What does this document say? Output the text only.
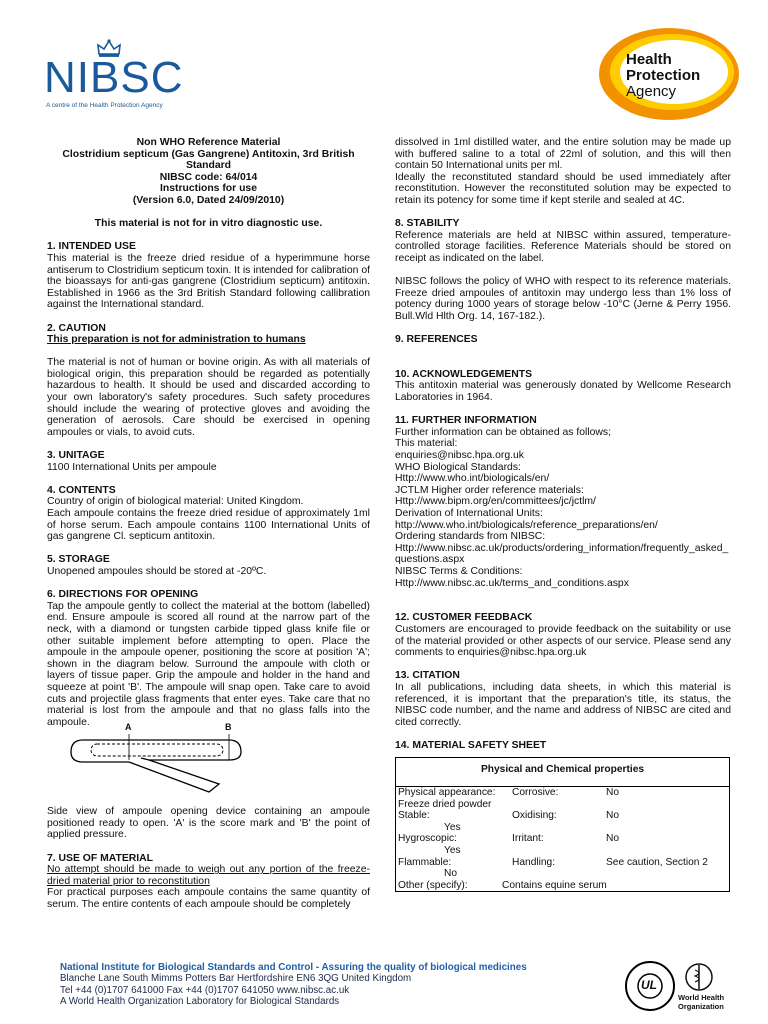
NIBSC
A centre of the Health Protection Agency
Health
Protection
Agency

Non WHO Reference Material

Clostridium septicum (Gas Gangrene) Antitoxin, 3rd British Standard

NIBSC code: 64/014

Instructions for use

(Version 6.0, Dated 24/09/2010)

This material is not for in vitro diagnostic use.

1. INTENDED USE

This material is the freeze dried residue of a hyperimmune horse antiserum to Clostridium septicum toxin. It is intended for calibration of the bioassays for anti-gas gangrene (Clostridium septicum) antitoxin. Established in 1966 as the 3rd British Standard following callibration against the International standard.

2. CAUTION

This preparation is not for administration to humans

The material is not of human or bovine origin. As with all materials of biological origin, this preparation should be regarded as potentially hazardous to health. It should be used and discarded according to your own laboratory's safety procedures. Such safety procedures should include the wearing of protective gloves and avoiding the generation of aerosols. Care should be exercised in opening ampoules or vials, to avoid cuts.

3. UNITAGE

1100 International Units per ampoule

4. CONTENTS

Country of origin of biological material: United Kingdom.

Each ampoule contains the freeze dried residue of approximately 1ml of horse serum. Each ampoule contains 1100 International Units of gas gangrene Cl. septicum antitoxin.

5. STORAGE

Unopened ampoules should be stored at -20ºC.

6. DIRECTIONS FOR OPENING

Tap the ampoule gently to collect the material at the bottom (labelled) end. Ensure ampoule is scored all round at the narrow part of the neck, with a diamond or tungsten carbide tipped glass knife file or other suitable implement before attempting to open. Place the ampoule in the ampoule opener, positioning the score at position 'A'; shown in the diagram below. Surround the ampoule with cloth or layers of tissue paper. Grip the ampoule and holder in the hand and squeeze at point 'B'. The ampoule will snap open. Take care to avoid cuts and projectile glass fragments that enter eyes. Take care that no material is lost from the ampoule and that no glass falls into the ampoule.	A	B

Side view of ampoule opening device containing an ampoule positioned ready to open. 'A' is the score mark and 'B' the point of applied pressure.

7. USE OF MATERIAL

No attempt should be made to weigh out any portion of the freeze-dried material prior to reconstitution

For practical purposes each ampoule contains the same quantity of serum. The entire contents of each ampoule should be completely

dissolved in 1ml distilled water, and the entire solution may be made up with buffered saline to a total of 22ml of solution, and this will then contain 50 International units per ml.

Ideally the reconstituted standard should be used immediately after reconstitution. However the reconstituted solution may be expected to retain its potency for some time if kept sterile and sealed at 4C.

8. STABILITY

Reference materials are held at NIBSC within assured, temperature-controlled storage facilities. Reference Materials should be stored on receipt as indicated on the label.

NIBSC follows the policy of WHO with respect to its reference materials. Freeze dried ampoules of antitoxin may undergo less than 1% loss of potency during 1000 years of storage below -10°C (Jerne & Perry 1956. Bull.Wld Hlth Org. 14, 167-182.).

9. REFERENCES
10. ACKNOWLEDGEMENTS

This antitoxin material was generously donated by Wellcome Research Laboratories in 1964.

11. FURTHER INFORMATION

Further information can be obtained as follows;

This material:

enquiries@nibsc.hpa.org.uk

WHO Biological Standards:

Http://www.who.int/biologicals/en/

JCTLM Higher order reference materials:

Http://www.bipm.org/en/committees/jc/jctlm/

Derivation of International Units:

http://www.who.int/biologicals/reference_preparations/en/

Ordering standards from NIBSC:

Http://www.nibsc.ac.uk/products/ordering_information/frequently_asked_

questions.aspx

NIBSC Terms & Conditions:

Http://www.nibsc.ac.uk/terms_and_conditions.aspx

12. CUSTOMER FEEDBACK

Customers are encouraged to provide feedback on the suitability or use of the material provided or other aspects of our service. Please send any comments to enquiries@nibsc.hpa.org.uk

13. CITATION

In all publications, including data sheets, in which this material is referenced, it is important that the preparation's title, its status, the NIBSC code number, and the name and address of NIBSC are cited and cited correctly.

14. MATERIAL SAFETY SHEET
Physical and Chemical properties			
Physical appearance: Freeze dried powder		Corrosive:	No

Stable:
Yes		Oxidising:	No

Hygroscopic:
Yes		Irritant:	No

Flammable:
No		Handling:	See caution, Section 2
Other (specify):	Contains equine serum		
National Institute for Biological Standards and Control - Assuring the quality of biological medicines
Blanche Lane South Mimms Potters Bar Hertfordshire EN6 3QG United Kingdom
Tel +44 (0)1707 641000 Fax +44 (0)1707 641050 www.nibsc.ac.uk
A World Health Organization Laboratory for Biological Standards
UL
World Health
Organization
